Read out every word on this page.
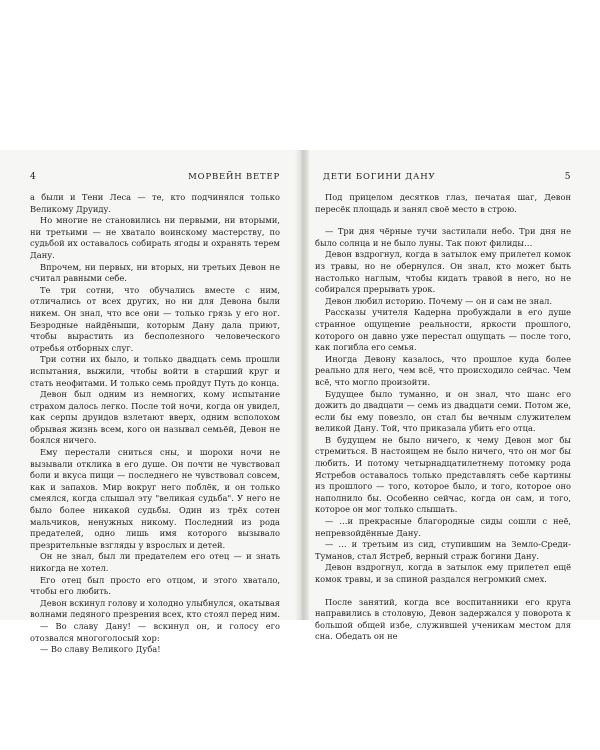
4	МОРВЕЙН ВЕТЕР

а были и Тени Леса — те, кто подчинялся только Великому Друиду.

Но многие не становились ни первыми, ни вторыми, ни третьими — не хватало воинскому мастерству, по судьбой их оставалось собирать ягоды и охранять терем Дану.

Впрочем, ни первых, ни вторых, ни третьих Девон не считал равными себе.

Те три сотни, что обучались вместе с ним, отличались от всех других, но ни для Девона были никем. Он знал, что все они — только грязь у его ног. Безродные найдёныши, которым Дану дала приют, чтобы вырастить из бесполезного человеческого отребья отборных слуг.

Три сотни их было, и только двадцать семь прошли испытания, выжили, чтобы войти в старший круг и стать неофитами. И только семь пройдут Путь до конца.

Девон был одним из немногих, кому испытание страхом далось легко. После той ночи, когда он увидел, как серпы друидов взлетают вверх, одним всполохом обрывая жизнь всем, кого он называл семьёй, Девон не боялся ничего.

Ему перестали сниться сны, и шорохи ночи не вызывали отклика в его душе. Он почти не чувствовал боли и вкуса пищи — последнего не чувствовал совсем, как и запахов. Мир вокруг него поблёк, и он только смеялся, когда слышал эту "великая судьба". У него не было более никакой судьбы. Один из трёх сотен мальчиков, ненужных никому. Последний из рода предателей, одно лишь имя которого вызывало презрительные взгляды у взрослых и детей.

Он не знал, был ли предателем его отец — и знать никогда не хотел.

Его отец был просто его отцом, и этого хватало, чтобы его любить.

Девон вскинул голову и холодно улыбнулся, окатывая волнами ледяного презрения всех, кто стоял перед ним.

— Во славу Дану! — вскинул он, и голосу его отозвался многоголосый хор:

— Во славу Великого Дуба!

ДЕТИ БОГИНИ ДАНУ	5

Под прицелом десятков глаз, печатая шаг, Девон пересёк площадь и занял своё место в строю.

— Три дня чёрные тучи застилали небо. Три дня не было солнца и не было луны. Так поют филиды…

Девон вздрогнул, когда в затылок ему прилетел комок из травы, но не обернулся. Он знал, кто может быть настолько наглым, чтобы кидать травой в него, но не собирался прерывать урок.

Девон любил историю. Почему — он и сам не знал.

Рассказы учителя Кадерна пробуждали в его душе странное ощущение реальности, яркости прошлого, которого он давно уже перестал ощущать — после того, как погибла его семья.

Иногда Девону казалось, что прошлое куда более реально для него, чем всё, что происходило сейчас. Чем всё, что могло произойти.

Будущее было туманно, и он знал, что шанс его дожить до двадцати — семь из двадцати семи. Потом же, если бы ему повезло, он стал бы вечным служителем великой Дану. Той, что приказала убить его отца.

В будущем не было ничего, к чему Девон мог бы стремиться. В настоящем не было ничего, что он мог бы любить. И потому четырнадцатилетнему потомку рода Ястребов оставалось только представлять себе картины из прошлого — того, которое было, и того, которое оно наполнило бы. Особенно сейчас, когда он сам, и того, которое он мог только слышать.

— …и прекрасные благородные сиды сошли с неё, непревзойдённые Дану.

— … и третьим из сид, ступившим на Земло-Среди-Туманов, стал Ястреб, верный страж богини Дану.

Девон вздрогнул, когда в затылок ему прилетел ещё комок травы, и за спиной раздался негромкий смех.

После занятий, когда все воспитанники его круга направились в столовую, Девон задержался у поворота к большой общей избе, служившей ученикам местом для сна. Обедать он не
